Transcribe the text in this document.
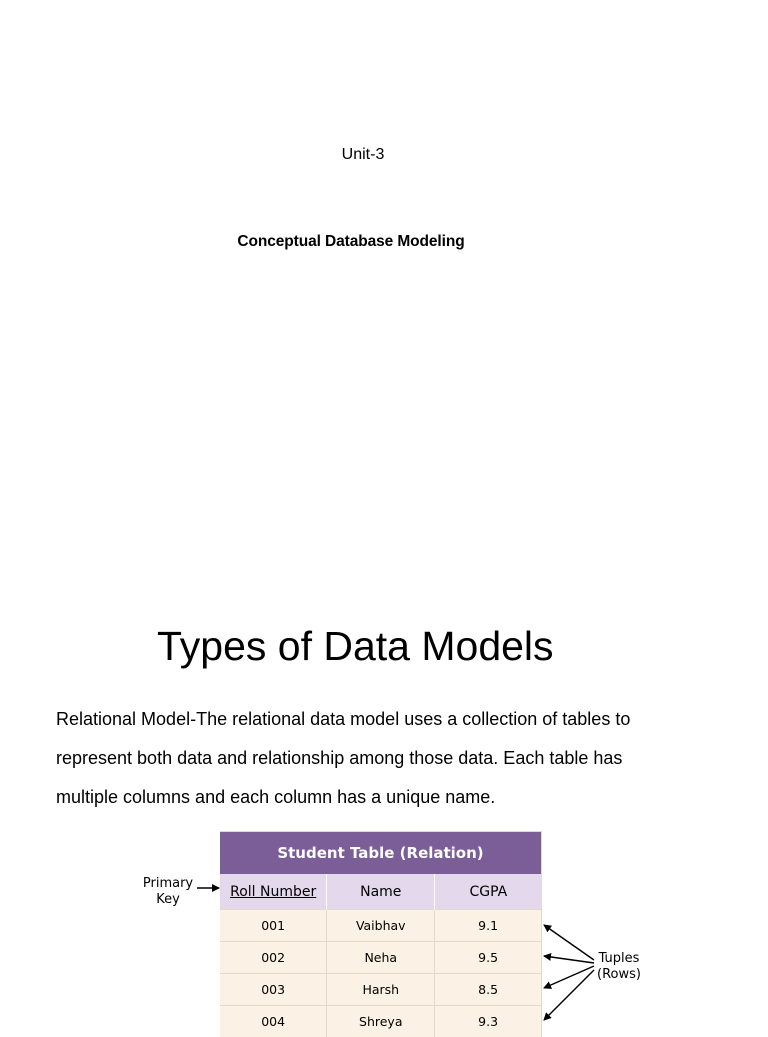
Unit-3
Conceptual Database Modeling
Types of Data Models
Relational Model-The relational data model uses a collection of tables to
represent both data and relationship among those data. Each table has
multiple columns and each column has a unique name.
Student Table (Relation)		
Roll Number	Name	CGPA
001	Vaibhav	9.1
002	Neha	9.5
003	Harsh	8.5
004	Shreya	9.3
Primary
Key
Tuples
(Rows)
